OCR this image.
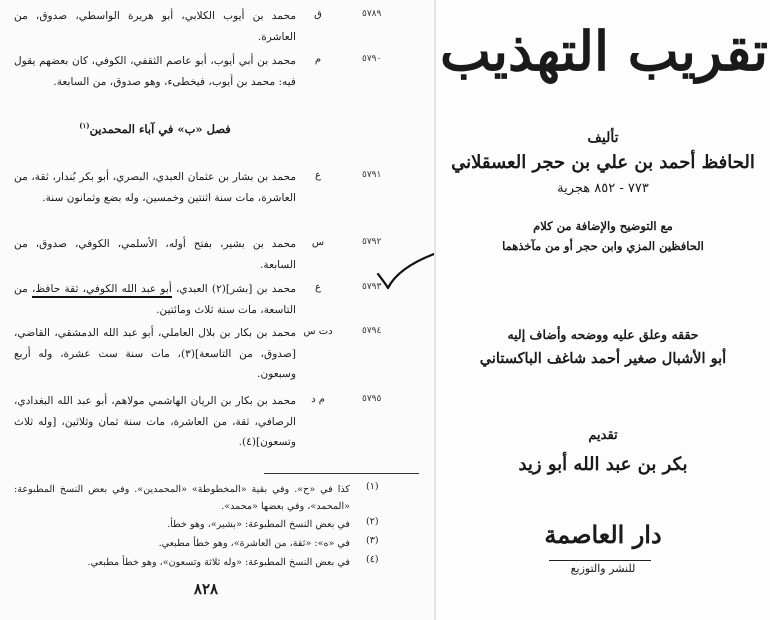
٥٧٨٩
ق
محمد بن أيوب الكلابي، أبو هريرة الواسطي، صدوق، من العاشرة.
٥٧٩٠
م
محمد بن أبي أيوب، أبو عاصم الثقفي، الكوفي، كان بعضهم يقول فيه: محمد بن أيوب، فيخطىء، وهو صدوق، من السابعة.
فصل «ب» في آباء المحمدين$^{(١)}$
٥٧٩١
ع
محمد بن بشار بن عثمان العبدي، البصري، أبو بكر بُندار، ثقة، من العاشرة، مات سنة اثنتين وخمسين، وله بضع وثمانون سنة.
٥٧٩٢
س
محمد بن بشير، بفتح أوله، الأسلمي، الكوفي، صدوق، من السابعة.
٥٧٩٣
ع
محمد بن [بشر](٢) العبدي، أبو عبد الله الكوفي، ثقة حافظ، من التاسعة، مات سنة ثلاث ومائتين.
٥٧٩٤
دت س
محمد بن بكار بن بلال العاملي، أبو عبد الله الدمشقي، القاضي، [صدوق، من التاسعة](٣)، مات سنة ست عشرة، وله أربع وسبعون.
٥٧٩٥
م د
محمد بن بكار بن الريان الهاشمي مولاهم، أبو عبد الله البغدادي، الرصافي، ثقة، من العاشرة، مات سنة ثمان وثلاثين، [وله ثلاث وتسعون](٤).
(١)
كذا في «ح». وفي بقية «المخطوطة» «المحمدين». وفي بعض النسخ المطبوعة: «المحمد»، وفي بعضها «محمد».
(٢)
في بعض النسخ المطبوعة: «بشير»، وهو خطأ.
(٣)
في «ه»: «ثقة، من العاشرة»، وهو خطأ مطبعي.
(٤)
في بعض النسخ المطبوعة: «وله ثلاثة وتسعون»، وهو خطأ مطبعي.
٨٢٨
تقريب التهذيب
تأليف
الحافظ أحمد بن علي بن حجر العسقلاني
٧٧٣ - ٨٥٢ هجرية
مع التوضيح والإضافة من كلام
الحافظين المزي وابن حجر أو من مآخذهما
حققه وعلق عليه ووضحه وأضاف إليه
أبو الأشبال صغير أحمد شاغف الباكستاني
تقديم
بكر بن عبد الله أبو زيد
دار العاصمة
للنشر والتوزيع
